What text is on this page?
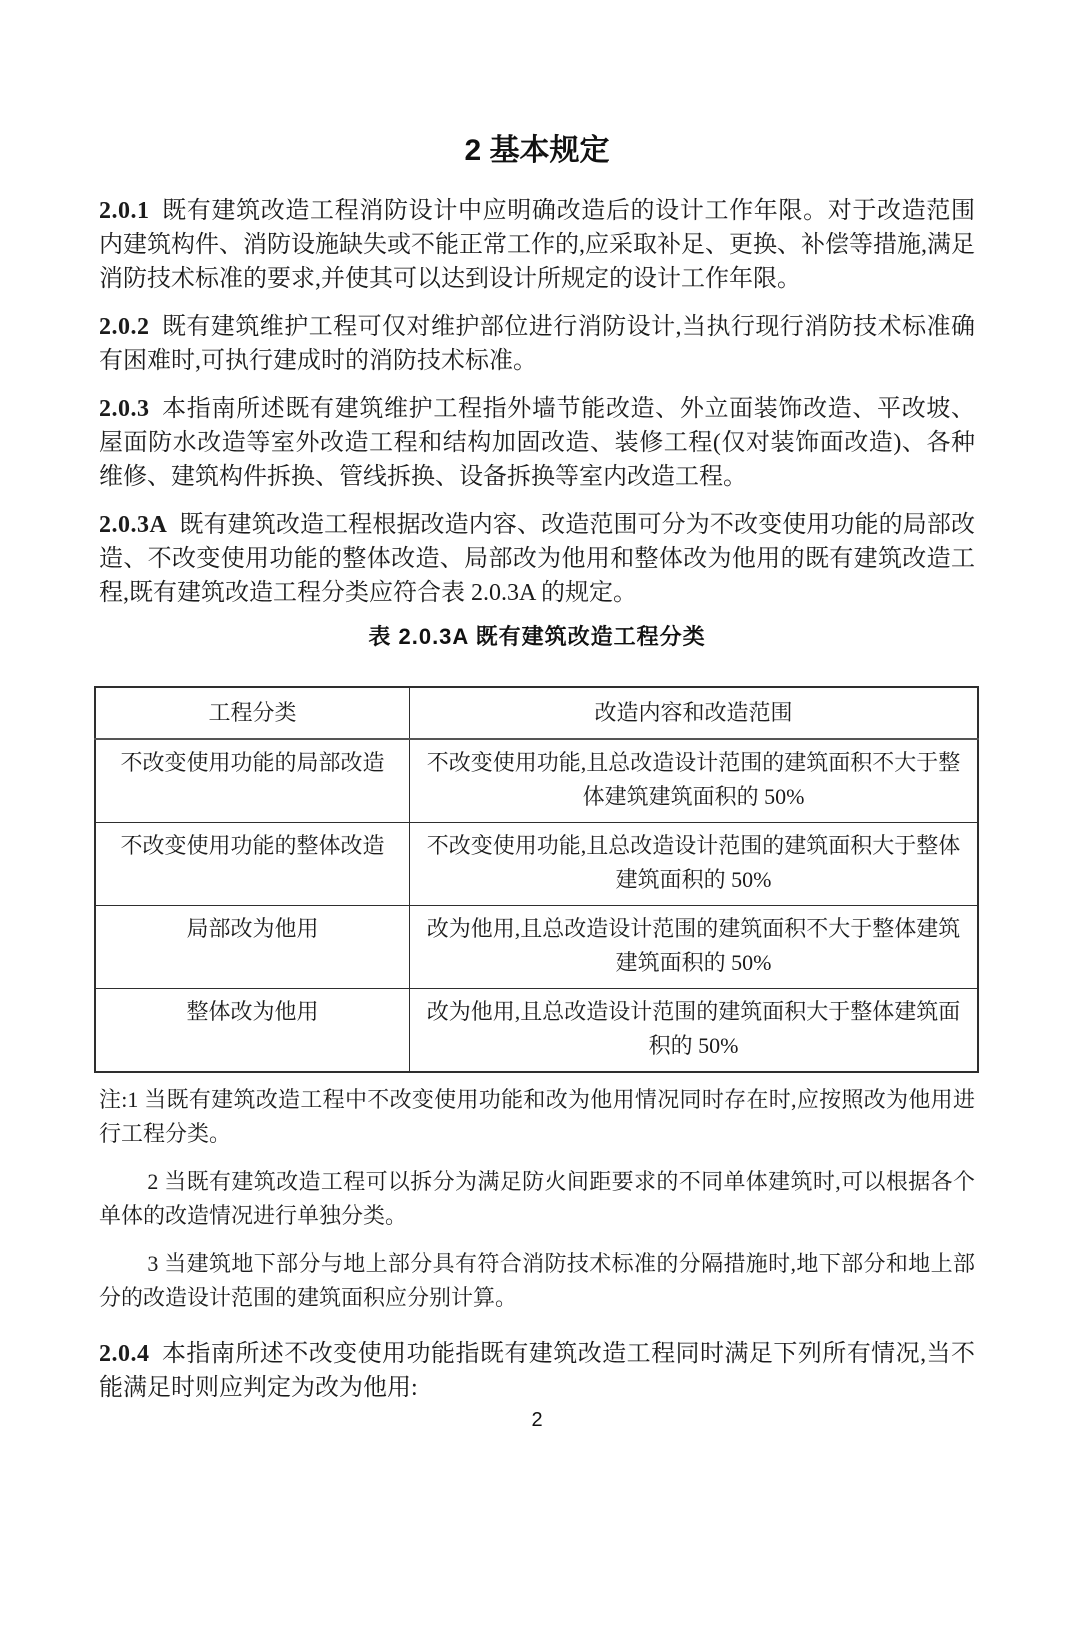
2 基本规定

2.0.1 既有建筑改造工程消防设计中应明确改造后的设计工作年限。对于改造范围内建筑构件、消防设施缺失或不能正常工作的,应采取补足、更换、补偿等措施,满足消防技术标准的要求,并使其可以达到设计所规定的设计工作年限。

2.0.2 既有建筑维护工程可仅对维护部位进行消防设计,当执行现行消防技术标准确有困难时,可执行建成时的消防技术标准。

2.0.3 本指南所述既有建筑维护工程指外墙节能改造、外立面装饰改造、平改坡、屋面防水改造等室外改造工程和结构加固改造、装修工程(仅对装饰面改造)、各种维修、建筑构件拆换、管线拆换、设备拆换等室内改造工程。

2.0.3A 既有建筑改造工程根据改造内容、改造范围可分为不改变使用功能的局部改造、不改变使用功能的整体改造、局部改为他用和整体改为他用的既有建筑改造工程,既有建筑改造工程分类应符合表 2.0.3A 的规定。

表 2.0.3A 既有建筑改造工程分类
工程分类	改造内容和改造范围
不改变使用功能的局部改造	不改变使用功能,且总改造设计范围的建筑面积不大于整体建筑建筑面积的 50%
不改变使用功能的整体改造	不改变使用功能,且总改造设计范围的建筑面积大于整体建筑面积的 50%
局部改为他用	改为他用,且总改造设计范围的建筑面积不大于整体建筑建筑面积的 50%
整体改为他用	改为他用,且总改造设计范围的建筑面积大于整体建筑面积的 50%
注:1 当既有建筑改造工程中不改变使用功能和改为他用情况同时存在时,应按照改为他用进行工程分类。
2 当既有建筑改造工程可以拆分为满足防火间距要求的不同单体建筑时,可以根据各个单体的改造情况进行单独分类。
3 当建筑地下部分与地上部分具有符合消防技术标准的分隔措施时,地下部分和地上部分的改造设计范围的建筑面积应分别计算。

2.0.4 本指南所述不改变使用功能指既有建筑改造工程同时满足下列所有情况,当不能满足时则应判定为改为他用:

2
